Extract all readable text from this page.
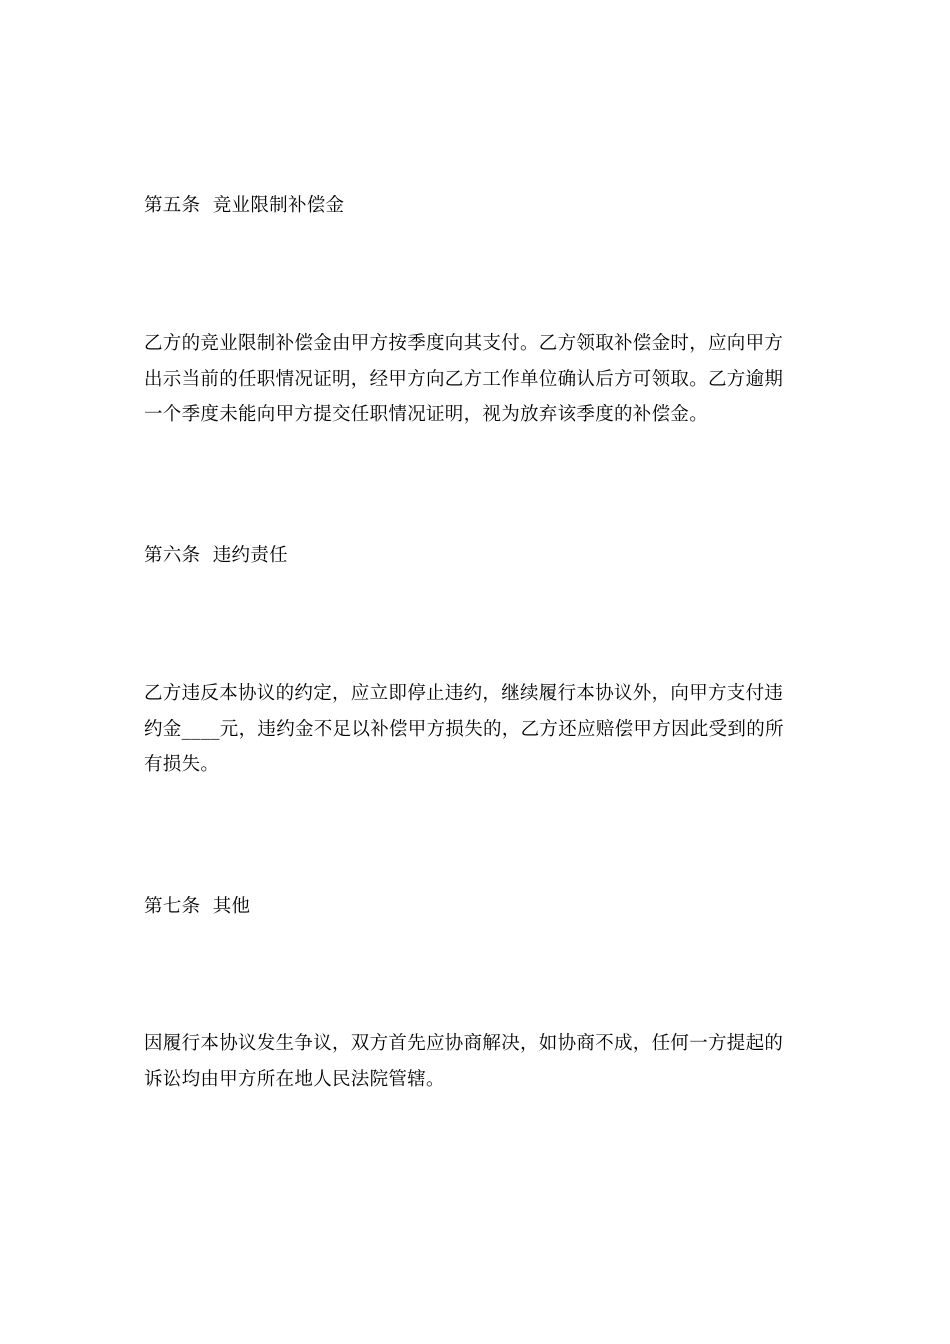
第五条  竞业限制补偿金
乙方的竞业限制补偿金由甲方按季度向其支付。乙方领取补偿金时，应向甲方
出示当前的任职情况证明，经甲方向乙方工作单位确认后方可领取。乙方逾期
一个季度未能向甲方提交任职情况证明，视为放弃该季度的补偿金。
第六条  违约责任
乙方违反本协议的约定，应立即停止违约，继续履行本协议外，向甲方支付违
约金____元，违约金不足以补偿甲方损失的，乙方还应赔偿甲方因此受到的所
有损失。
第七条  其他
因履行本协议发生争议，双方首先应协商解决，如协商不成，任何一方提起的
诉讼均由甲方所在地人民法院管辖。
